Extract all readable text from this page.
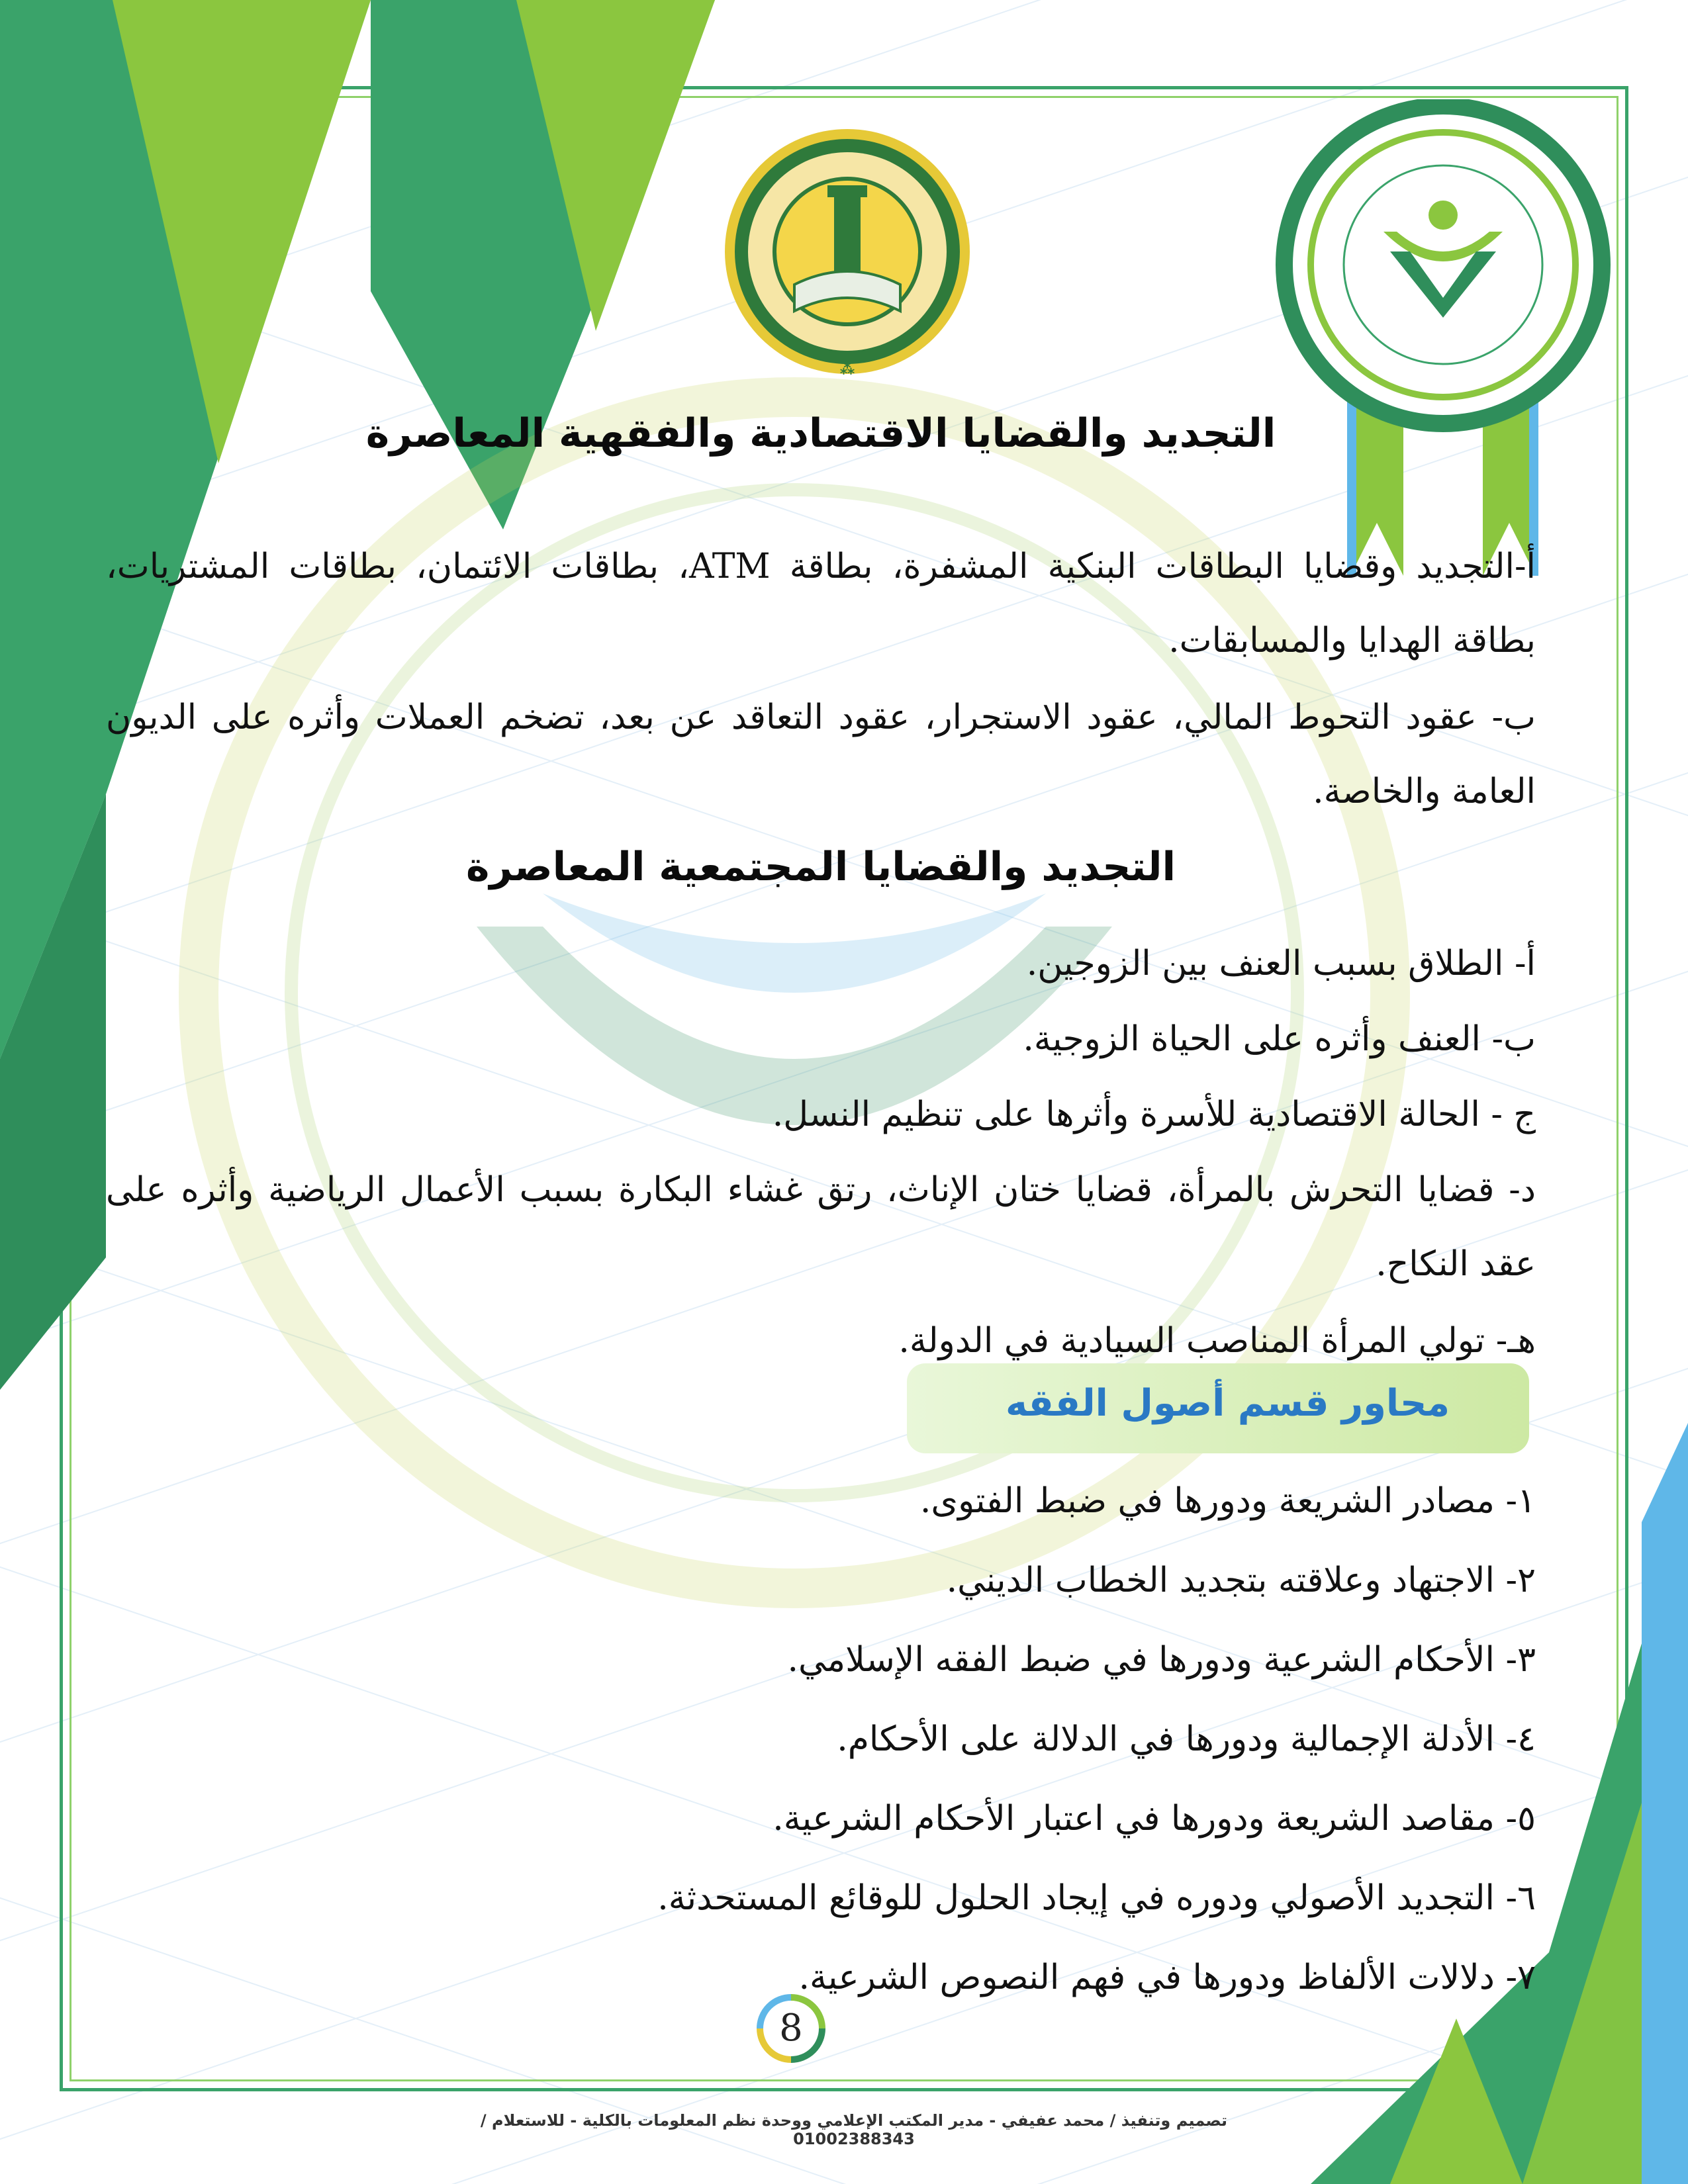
⁂
التجديد والقضايا الاقتصادية والفقهية المعاصرة
أ-التجديد وقضايا البطاقات البنكية المشفرة، بطاقة ATM، بطاقات الائتمان، بطاقات المشتريات، بطاقة الهدايا والمسابقات.
ب- عقود التحوط المالي، عقود الاستجرار، عقود التعاقد عن بعد، تضخم العملات وأثره على الديون العامة والخاصة.
التجديد والقضايا المجتمعية المعاصرة
أ- الطلاق بسبب العنف بين الزوجين.
ب- العنف وأثره على الحياة الزوجية.
ج - الحالة الاقتصادية للأسرة وأثرها على تنظيم النسل.
د- قضايا التحرش بالمرأة، قضايا ختان الإناث، رتق غشاء البكارة بسبب الأعمال الرياضية وأثره على عقد النكاح.
هـ- تولي المرأة المناصب السيادية في الدولة.
١- مصادر الشريعة ودورها في ضبط الفتوى.
٢- الاجتهاد وعلاقته بتجديد الخطاب الديني.
٣- الأحكام الشرعية ودورها في ضبط الفقه الإسلامي.
٤- الأدلة الإجمالية ودورها في الدلالة على الأحكام.
٥- مقاصد الشريعة ودورها في اعتبار الأحكام الشرعية.
٦- التجديد الأصولي ودوره في إيجاد الحلول للوقائع المستحدثة.
٧- دلالات الألفاظ ودورها في فهم النصوص الشرعية.
محاور قسم أصول الفقه
8
تصميم وتنفيذ / محمد عفيفي - مدير المكتب الإعلامي ووحدة نظم المعلومات بالكلية - للاستعلام / 01002388343
